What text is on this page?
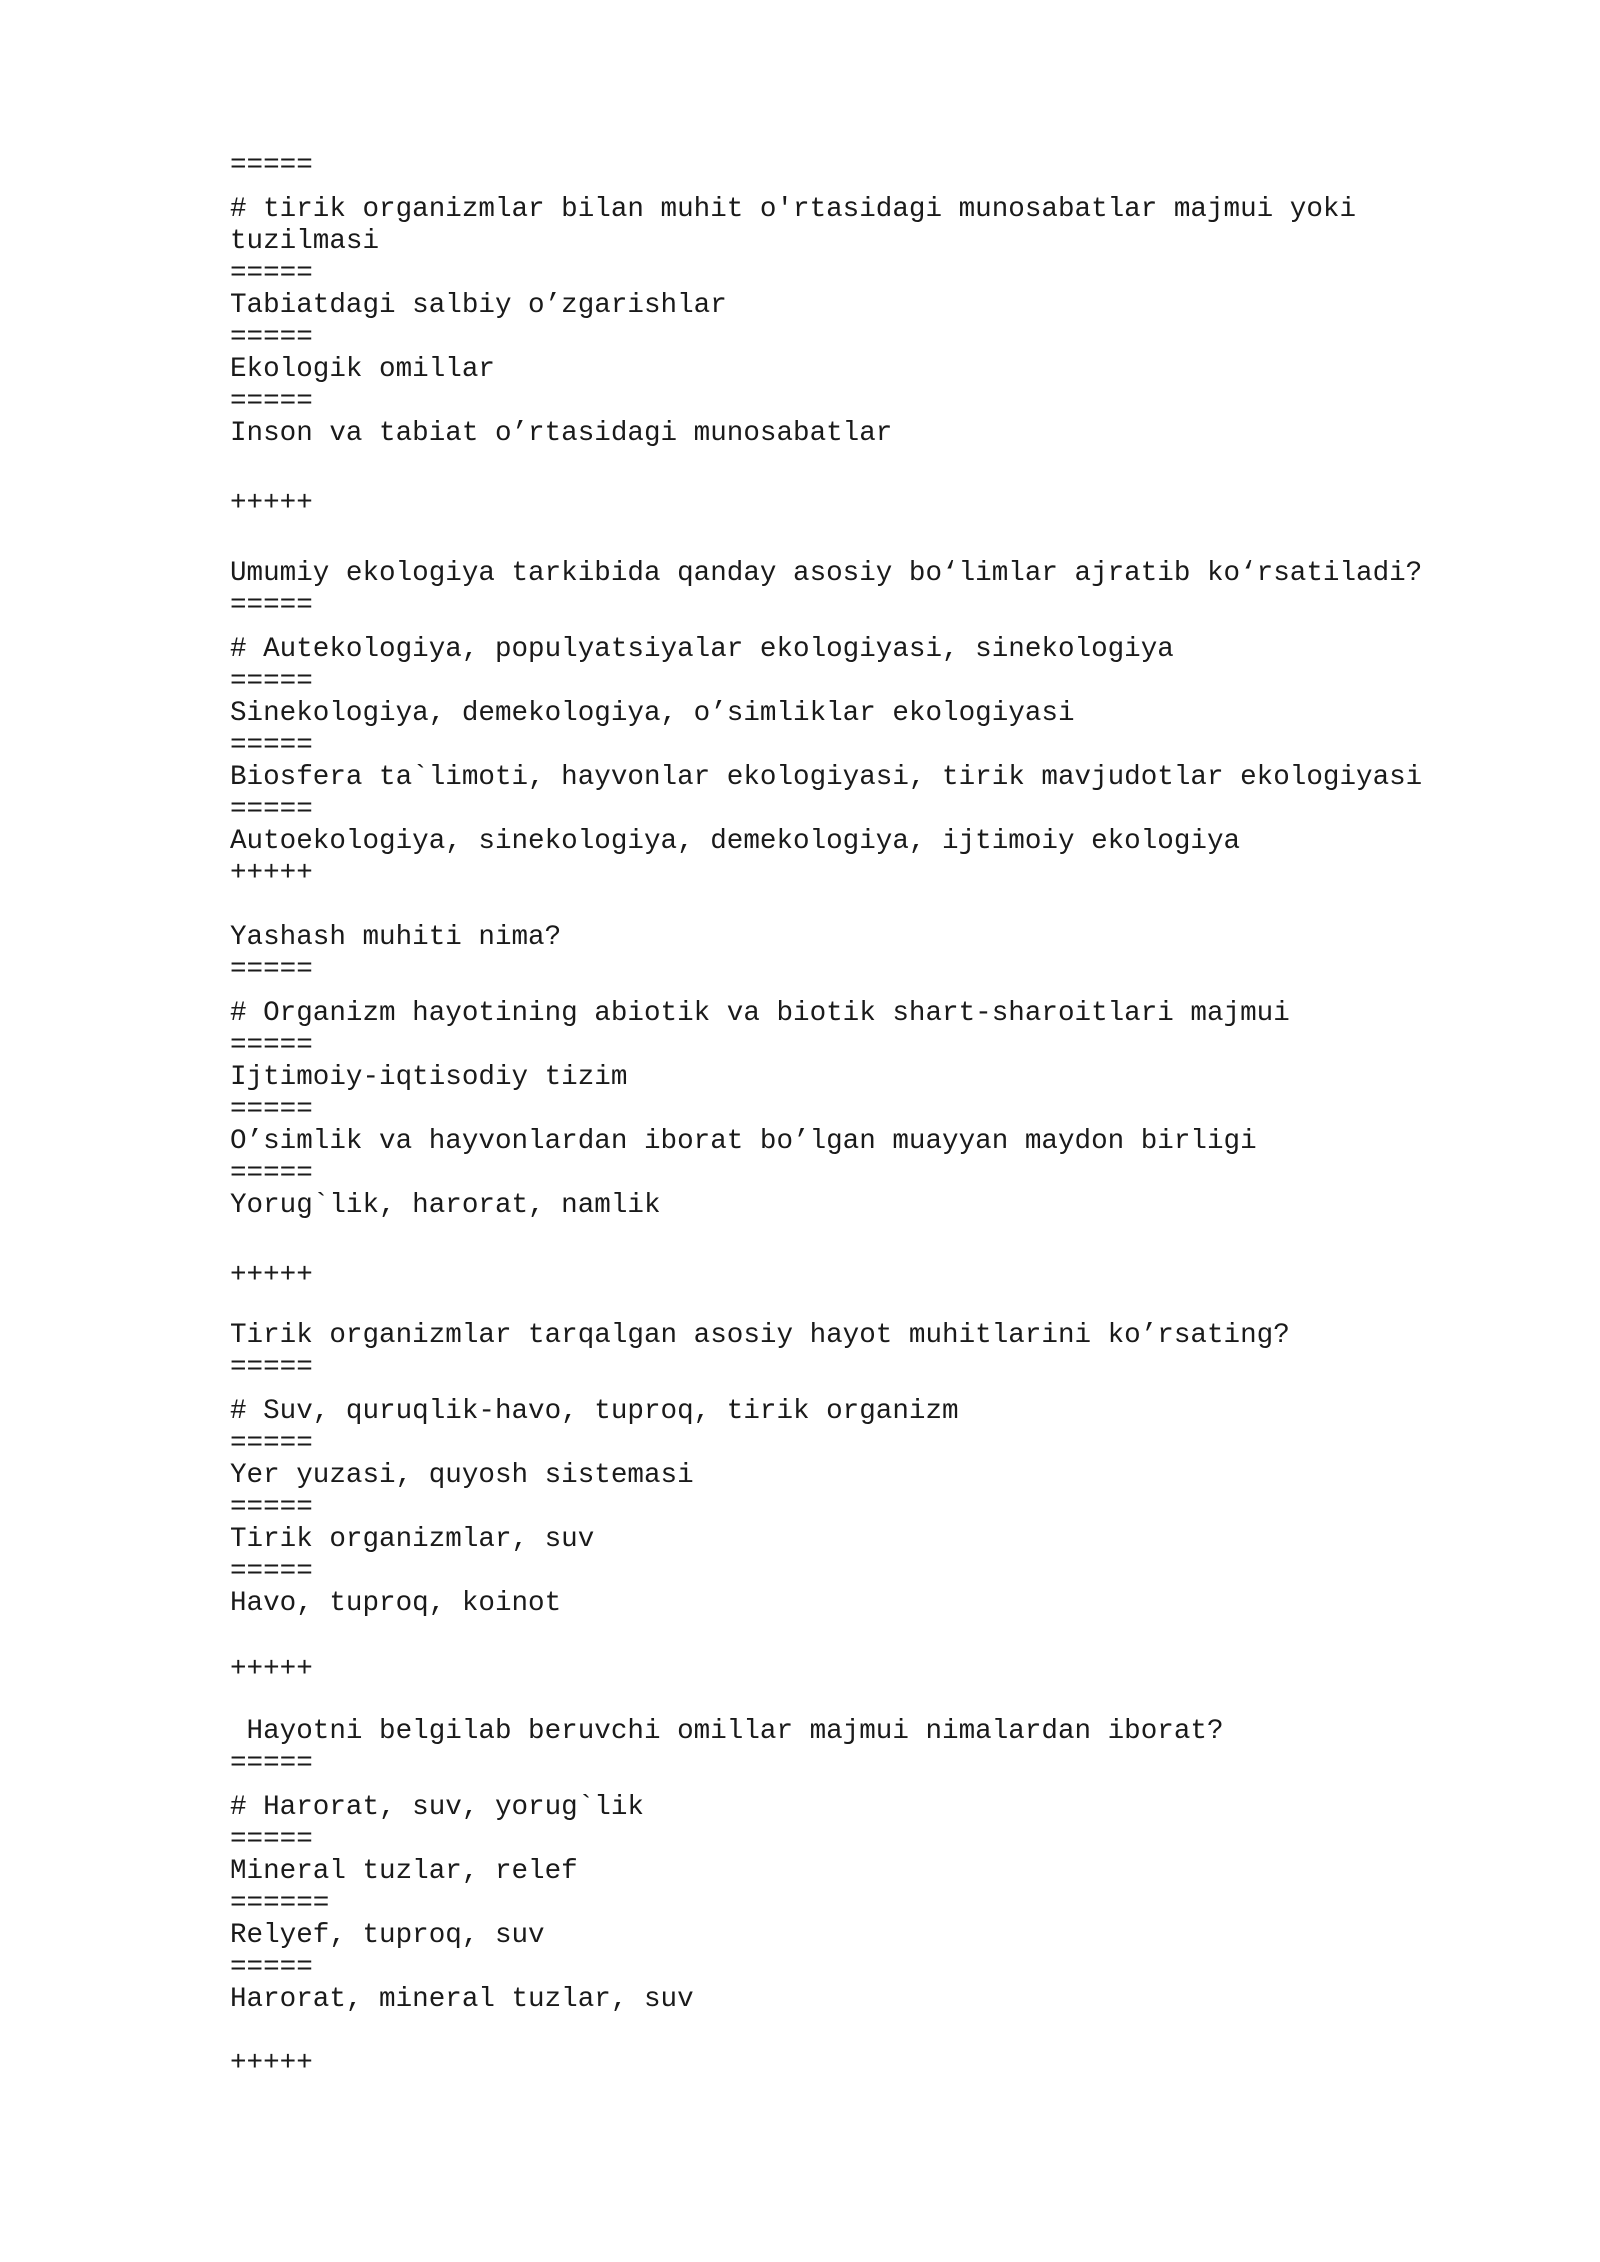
=====

# tirik organizmlar bilan muhit o'rtasidagi munosabatlar majmui yoki

tuzilmasi

=====

Tabiatdagi salbiy o’zgarishlar

=====

Ekologik omillar

=====

Inson va tabiat o’rtasidagi munosabatlar

+++++

Umumiy ekologiya tarkibida qanday asosiy bo‘limlar ajratib ko‘rsatiladi?

=====

# Autekologiya, populyatsiyalar ekologiyasi, sinekologiya

=====

Sinekologiya, demekologiya, o’simliklar ekologiyasi

=====

Biosfera ta`limoti, hayvonlar ekologiyasi, tirik mavjudotlar ekologiyasi

=====

Autoekologiya, sinekologiya, demekologiya, ijtimoiy ekologiya

+++++

Yashash muhiti nima?

=====

# Organizm hayotining abiotik va biotik shart-sharoitlari majmui

=====

Ijtimoiy-iqtisodiy tizim

=====

O’simlik va hayvonlardan iborat bo’lgan muayyan maydon birligi

=====

Yorug`lik, harorat, namlik

+++++

Tirik organizmlar tarqalgan asosiy hayot muhitlarini ko’rsating?

=====

# Suv, quruqlik-havo, tuproq, tirik organizm

=====

Yer yuzasi, quyosh sistemasi

=====

Tirik organizmlar, suv

=====

Havo, tuproq, koinot

+++++

Hayotni belgilab beruvchi omillar majmui nimalardan iborat?

=====

# Harorat, suv, yorug`lik

=====

Mineral tuzlar, relef

======

Relyef, tuproq, suv

=====

Harorat, mineral tuzlar, suv

+++++
